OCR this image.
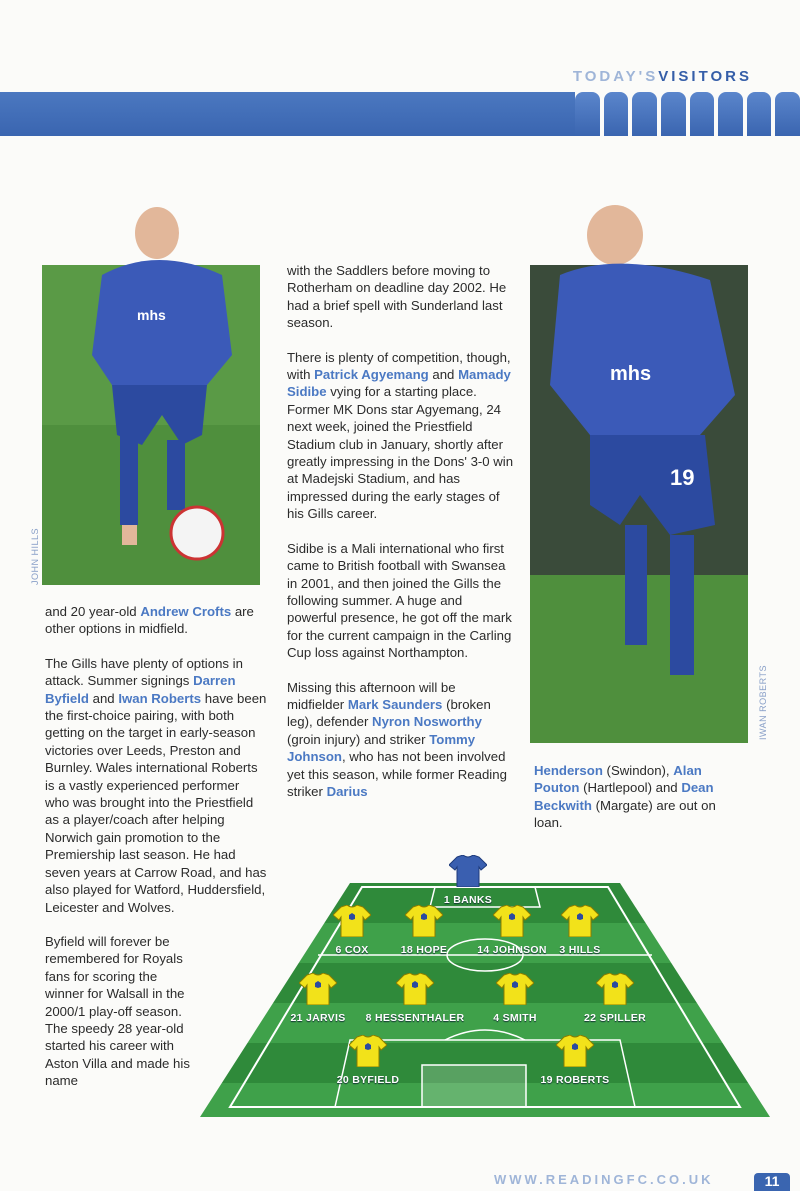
TODAY'SVISITORS
mhs
JOHN HILLS
mhs
19
IWAN ROBERTS

and 20 year-old Andrew Crofts are other options in midfield.

The Gills have plenty of options in attack. Summer signings Darren Byfield and Iwan Roberts have been the first-choice pairing, with both getting on the target in early-season victories over Leeds, Preston and Burnley. Wales international Roberts is a vastly experienced performer who was brought into the Priestfield as a player/coach after helping Norwich gain promotion to the Premiership last season. He had seven years at Carrow Road, and has also played for Watford, Huddersfield, Leicester and Wolves.

Byfield will forever be remembered for Royals fans for scoring the winner for Walsall in the 2000/1 play-off season. The speedy 28 year-old started his career with Aston Villa and made his name

with the Saddlers before moving to Rotherham on deadline day 2002. He had a brief spell with Sunderland last season.

There is plenty of competition, though, with Patrick Agyemang and Mamady Sidibe vying for a starting place. Former MK Dons star Agyemang, 24 next week, joined the Priestfield Stadium club in January, shortly after greatly impressing in the Dons' 3-0 win at Madejski Stadium, and has impressed during the early stages of his Gills career.

Sidibe is a Mali international who first came to British football with Swansea in 2001, and then joined the Gills the following summer. A huge and powerful presence, he got off the mark for the current campaign in the Carling Cup loss against Northampton.

Missing this afternoon will be midfielder Mark Saunders (broken leg), defender Nyron Nosworthy (groin injury) and striker Tommy Johnson, who has not been involved yet this season, while former Reading striker Darius

Henderson (Swindon), Alan Pouton (Hartlepool) and Dean Beckwith (Margate) are out on loan.

1 BANKS
6 COX	18 HOPE	14 JOHNSON	3 HILLS
21 JARVIS	8 HESSENTHALER	4 SMITH	22 SPILLER
20 BYFIELD	19 ROBERTS
WWW.READINGFC.CO.UK	11
